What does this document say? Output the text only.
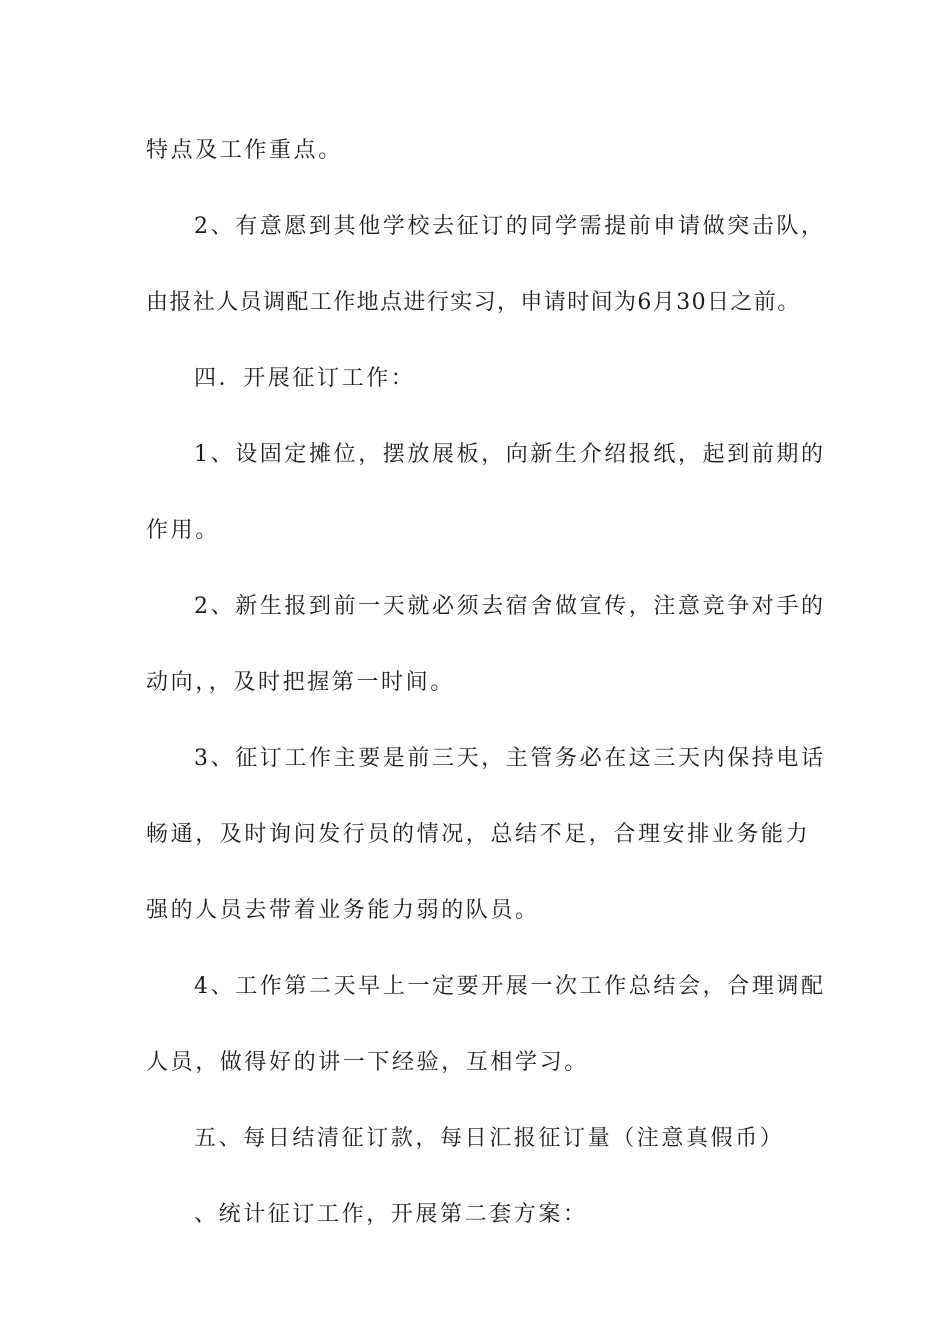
特点及工作重点。
2、有意愿到其他学校去征订的同学需提前申请做突击队，
由报社人员调配工作地点进行实习，申请时间为6月30日之前。
四．开展征订工作：
1、设固定摊位，摆放展板，向新生介绍报纸，起到前期的
作用。
2、新生报到前一天就必须去宿舍做宣传，注意竞争对手的
动向，，及时把握第一时间。
3、征订工作主要是前三天，主管务必在这三天内保持电话
畅通，及时询问发行员的情况，总结不足，合理安排业务能力
强的人员去带着业务能力弱的队员。
4、工作第二天早上一定要开展一次工作总结会，合理调配
人员，做得好的讲一下经验，互相学习。
五、每日结清征订款，每日汇报征订量（注意真假币）
、统计征订工作，开展第二套方案：
